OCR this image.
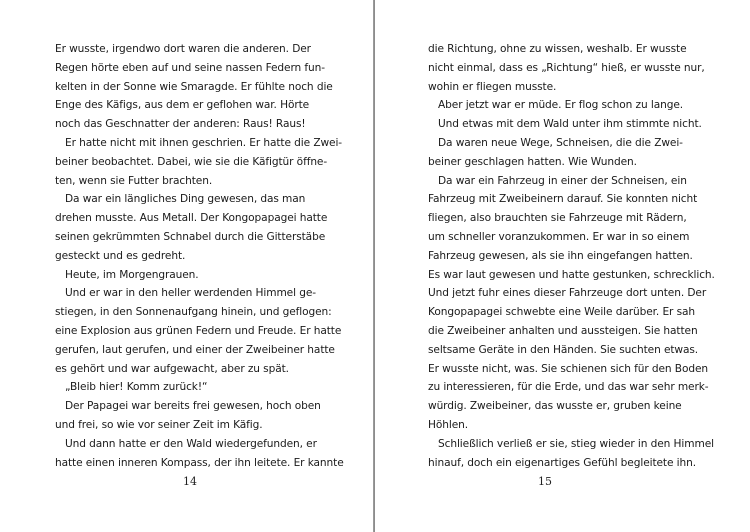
Er wusste, irgendwo dort waren die anderen. Der
Regen hörte eben auf und seine nassen Federn fun-
kelten in der Sonne wie Smaragde. Er fühlte noch die
Enge des Käfigs, aus dem er geflohen war. Hörte
noch das Geschnatter der anderen: Raus! Raus!
Er hatte nicht mit ihnen geschrien. Er hatte die Zwei-
beiner beobachtet. Dabei, wie sie die Käfigtür öffne-
ten, wenn sie Futter brachten.
Da war ein längliches Ding gewesen, das man
drehen musste. Aus Metall. Der Kongopapagei hatte
seinen gekrümmten Schnabel durch die Gitterstäbe
gesteckt und es gedreht.
Heute, im Morgengrauen.
Und er war in den heller werdenden Himmel ge-
stiegen, in den Sonnenaufgang hinein, und geflogen:
eine Explosion aus grünen Federn und Freude. Er hatte
gerufen, laut gerufen, und einer der Zweibeiner hatte
es gehört und war aufgewacht, aber zu spät.
„Bleib hier! Komm zurück!“
Der Papagei war bereits frei gewesen, hoch oben
und frei, so wie vor seiner Zeit im Käfig.
Und dann hatte er den Wald wiedergefunden, er
hatte einen inneren Kompass, der ihn leitete. Er kannte
14
die Richtung, ohne zu wissen, weshalb. Er wusste
nicht einmal, dass es „Richtung“ hieß, er wusste nur,
wohin er fliegen musste.
Aber jetzt war er müde. Er flog schon zu lange.
Und etwas mit dem Wald unter ihm stimmte nicht.
Da waren neue Wege, Schneisen, die die Zwei-
beiner geschlagen hatten. Wie Wunden.
Da war ein Fahrzeug in einer der Schneisen, ein
Fahrzeug mit Zweibeinern darauf. Sie konnten nicht
fliegen, also brauchten sie Fahrzeuge mit Rädern,
um schneller voranzukommen. Er war in so einem
Fahrzeug gewesen, als sie ihn eingefangen hatten.
Es war laut gewesen und hatte gestunken, schrecklich.
Und jetzt fuhr eines dieser Fahrzeuge dort unten. Der
Kongopapagei schwebte eine Weile darüber. Er sah
die Zweibeiner anhalten und aussteigen. Sie hatten
seltsame Geräte in den Händen. Sie suchten etwas.
Er wusste nicht, was. Sie schienen sich für den Boden
zu interessieren, für die Erde, und das war sehr merk-
würdig. Zweibeiner, das wusste er, gruben keine
Höhlen.
Schließlich verließ er sie, stieg wieder in den Himmel
hinauf, doch ein eigenartiges Gefühl begleitete ihn.
15
